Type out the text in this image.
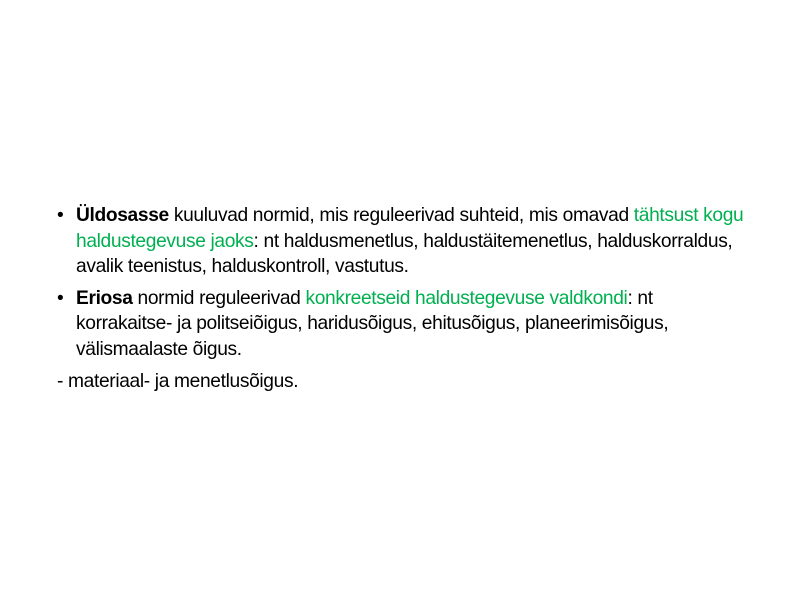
• Üldosasse kuuluvad normid, mis reguleerivad suhteid, mis omavad tähtsust kogu haldustegevuse jaoks: nt haldusmenetlus, haldustäitemenetlus, halduskorraldus, avalik teenistus, halduskontroll, vastutus.
• Eriosa normid reguleerivad konkreetseid haldustegevuse valdkondi: nt korrakaitse- ja politseiõigus, haridusõigus, ehitusõigus, planeerimisõigus, välismaalaste õigus.
- materiaal- ja menetlusõigus.
